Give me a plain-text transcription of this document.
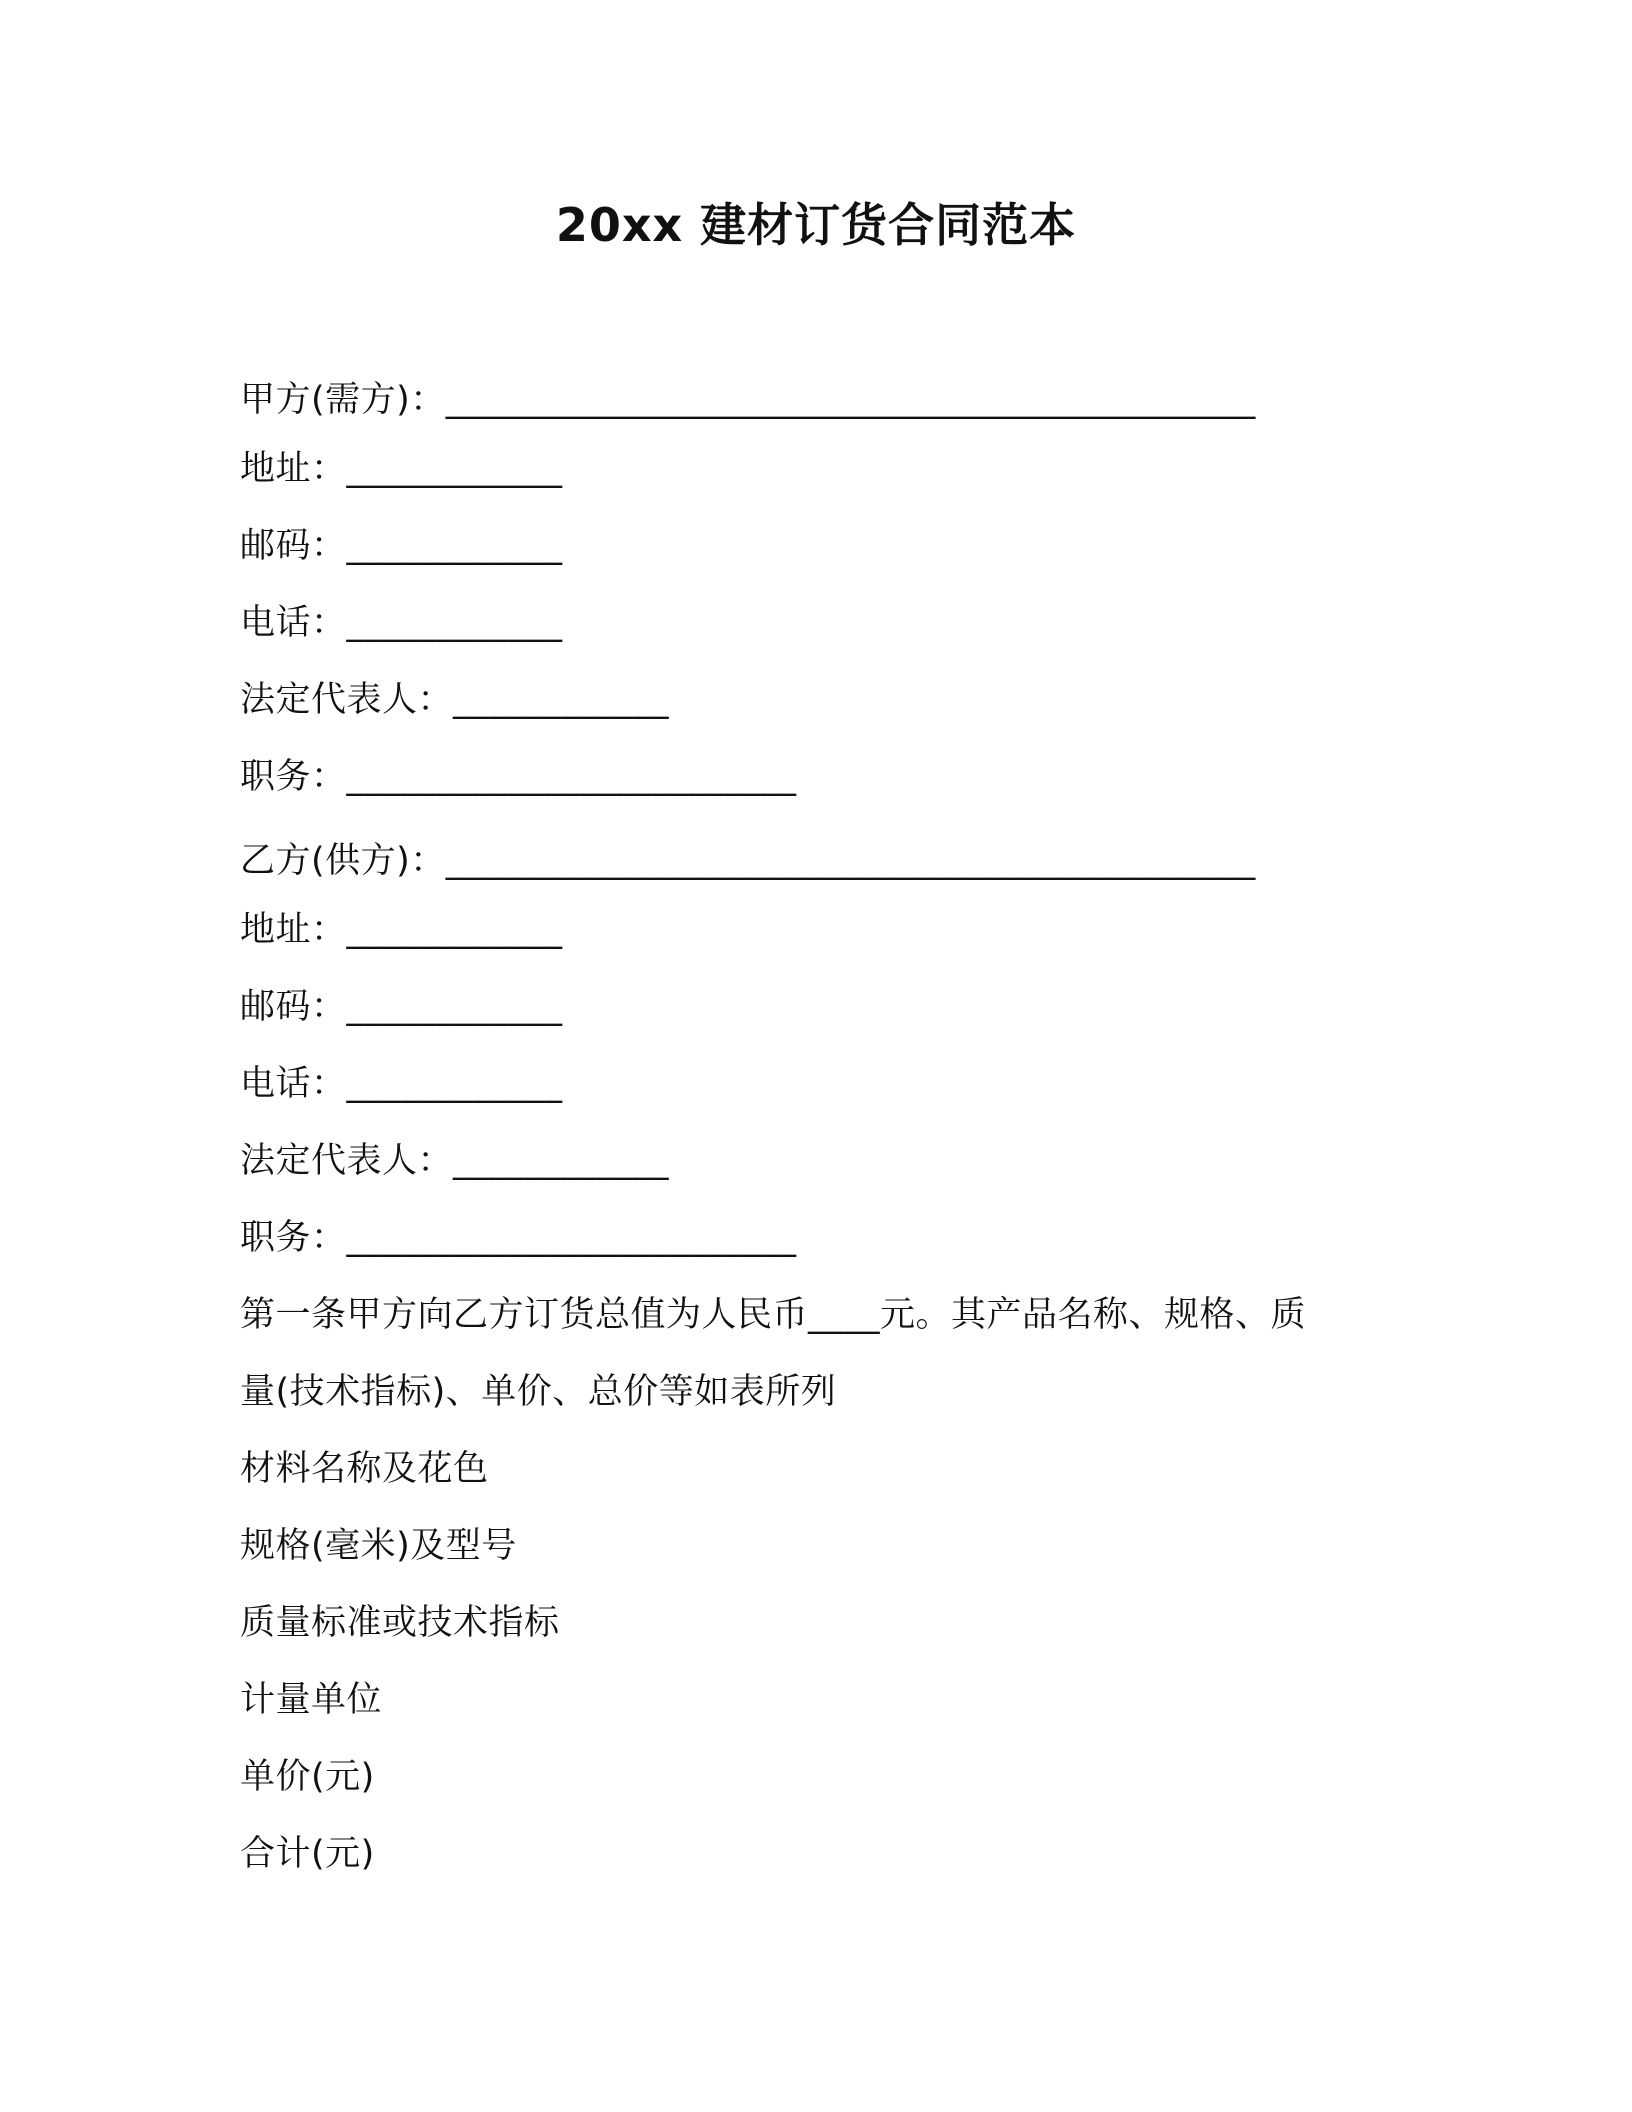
20xx 建材订货合同范本
甲方(需方)：_____________________________________________
地址：____________
邮码：____________
电话：____________
法定代表人：____________
职务：_________________________
乙方(供方)：_____________________________________________
地址：____________
邮码：____________
电话：____________
法定代表人：____________
职务：_________________________
第一条甲方向乙方订货总值为人民币____元。其产品名称、规格、质
量(技术指标)、单价、总价等如表所列
材料名称及花色
规格(毫米)及型号
质量标准或技术指标
计量单位
单价(元)
合计(元)
